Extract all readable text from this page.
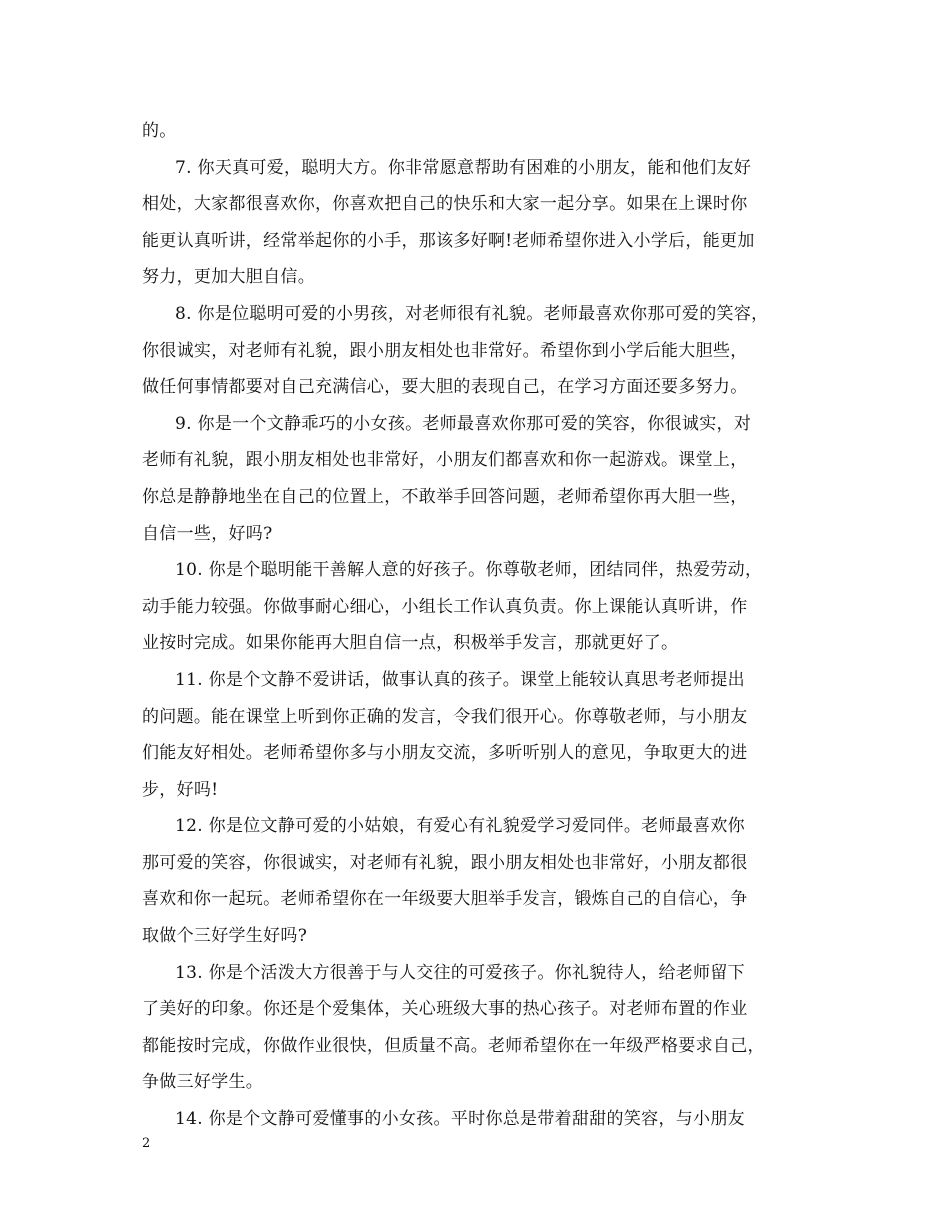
的。
7. 你天真可爱，聪明大方。你非常愿意帮助有困难的小朋友，能和他们友好
相处，大家都很喜欢你，你喜欢把自己的快乐和大家一起分享。如果在上课时你
能更认真听讲，经常举起你的小手，那该多好啊!老师希望你进入小学后，能更加
努力，更加大胆自信。
8. 你是位聪明可爱的小男孩，对老师很有礼貌。老师最喜欢你那可爱的笑容，
你很诚实，对老师有礼貌，跟小朋友相处也非常好。希望你到小学后能大胆些，
做任何事情都要对自己充满信心，要大胆的表现自己，在学习方面还要多努力。
9. 你是一个文静乖巧的小女孩。老师最喜欢你那可爱的笑容，你很诚实，对
老师有礼貌，跟小朋友相处也非常好，小朋友们都喜欢和你一起游戏。课堂上，
你总是静静地坐在自己的位置上，不敢举手回答问题，老师希望你再大胆一些，
自信一些，好吗?
10. 你是个聪明能干善解人意的好孩子。你尊敬老师，团结同伴，热爱劳动，
动手能力较强。你做事耐心细心，小组长工作认真负责。你上课能认真听讲，作
业按时完成。如果你能再大胆自信一点，积极举手发言，那就更好了。
11. 你是个文静不爱讲话，做事认真的孩子。课堂上能较认真思考老师提出
的问题。能在课堂上听到你正确的发言，令我们很开心。你尊敬老师，与小朋友
们能友好相处。老师希望你多与小朋友交流，多听听别人的意见，争取更大的进
步，好吗!
12. 你是位文静可爱的小姑娘，有爱心有礼貌爱学习爱同伴。老师最喜欢你
那可爱的笑容，你很诚实，对老师有礼貌，跟小朋友相处也非常好，小朋友都很
喜欢和你一起玩。老师希望你在一年级要大胆举手发言，锻炼自己的自信心，争
取做个三好学生好吗?
13. 你是个活泼大方很善于与人交往的可爱孩子。你礼貌待人，给老师留下
了美好的印象。你还是个爱集体，关心班级大事的热心孩子。对老师布置的作业
都能按时完成，你做作业很快，但质量不高。老师希望你在一年级严格要求自己，
争做三好学生。
14. 你是个文静可爱懂事的小女孩。平时你总是带着甜甜的笑容，与小朋友
2
